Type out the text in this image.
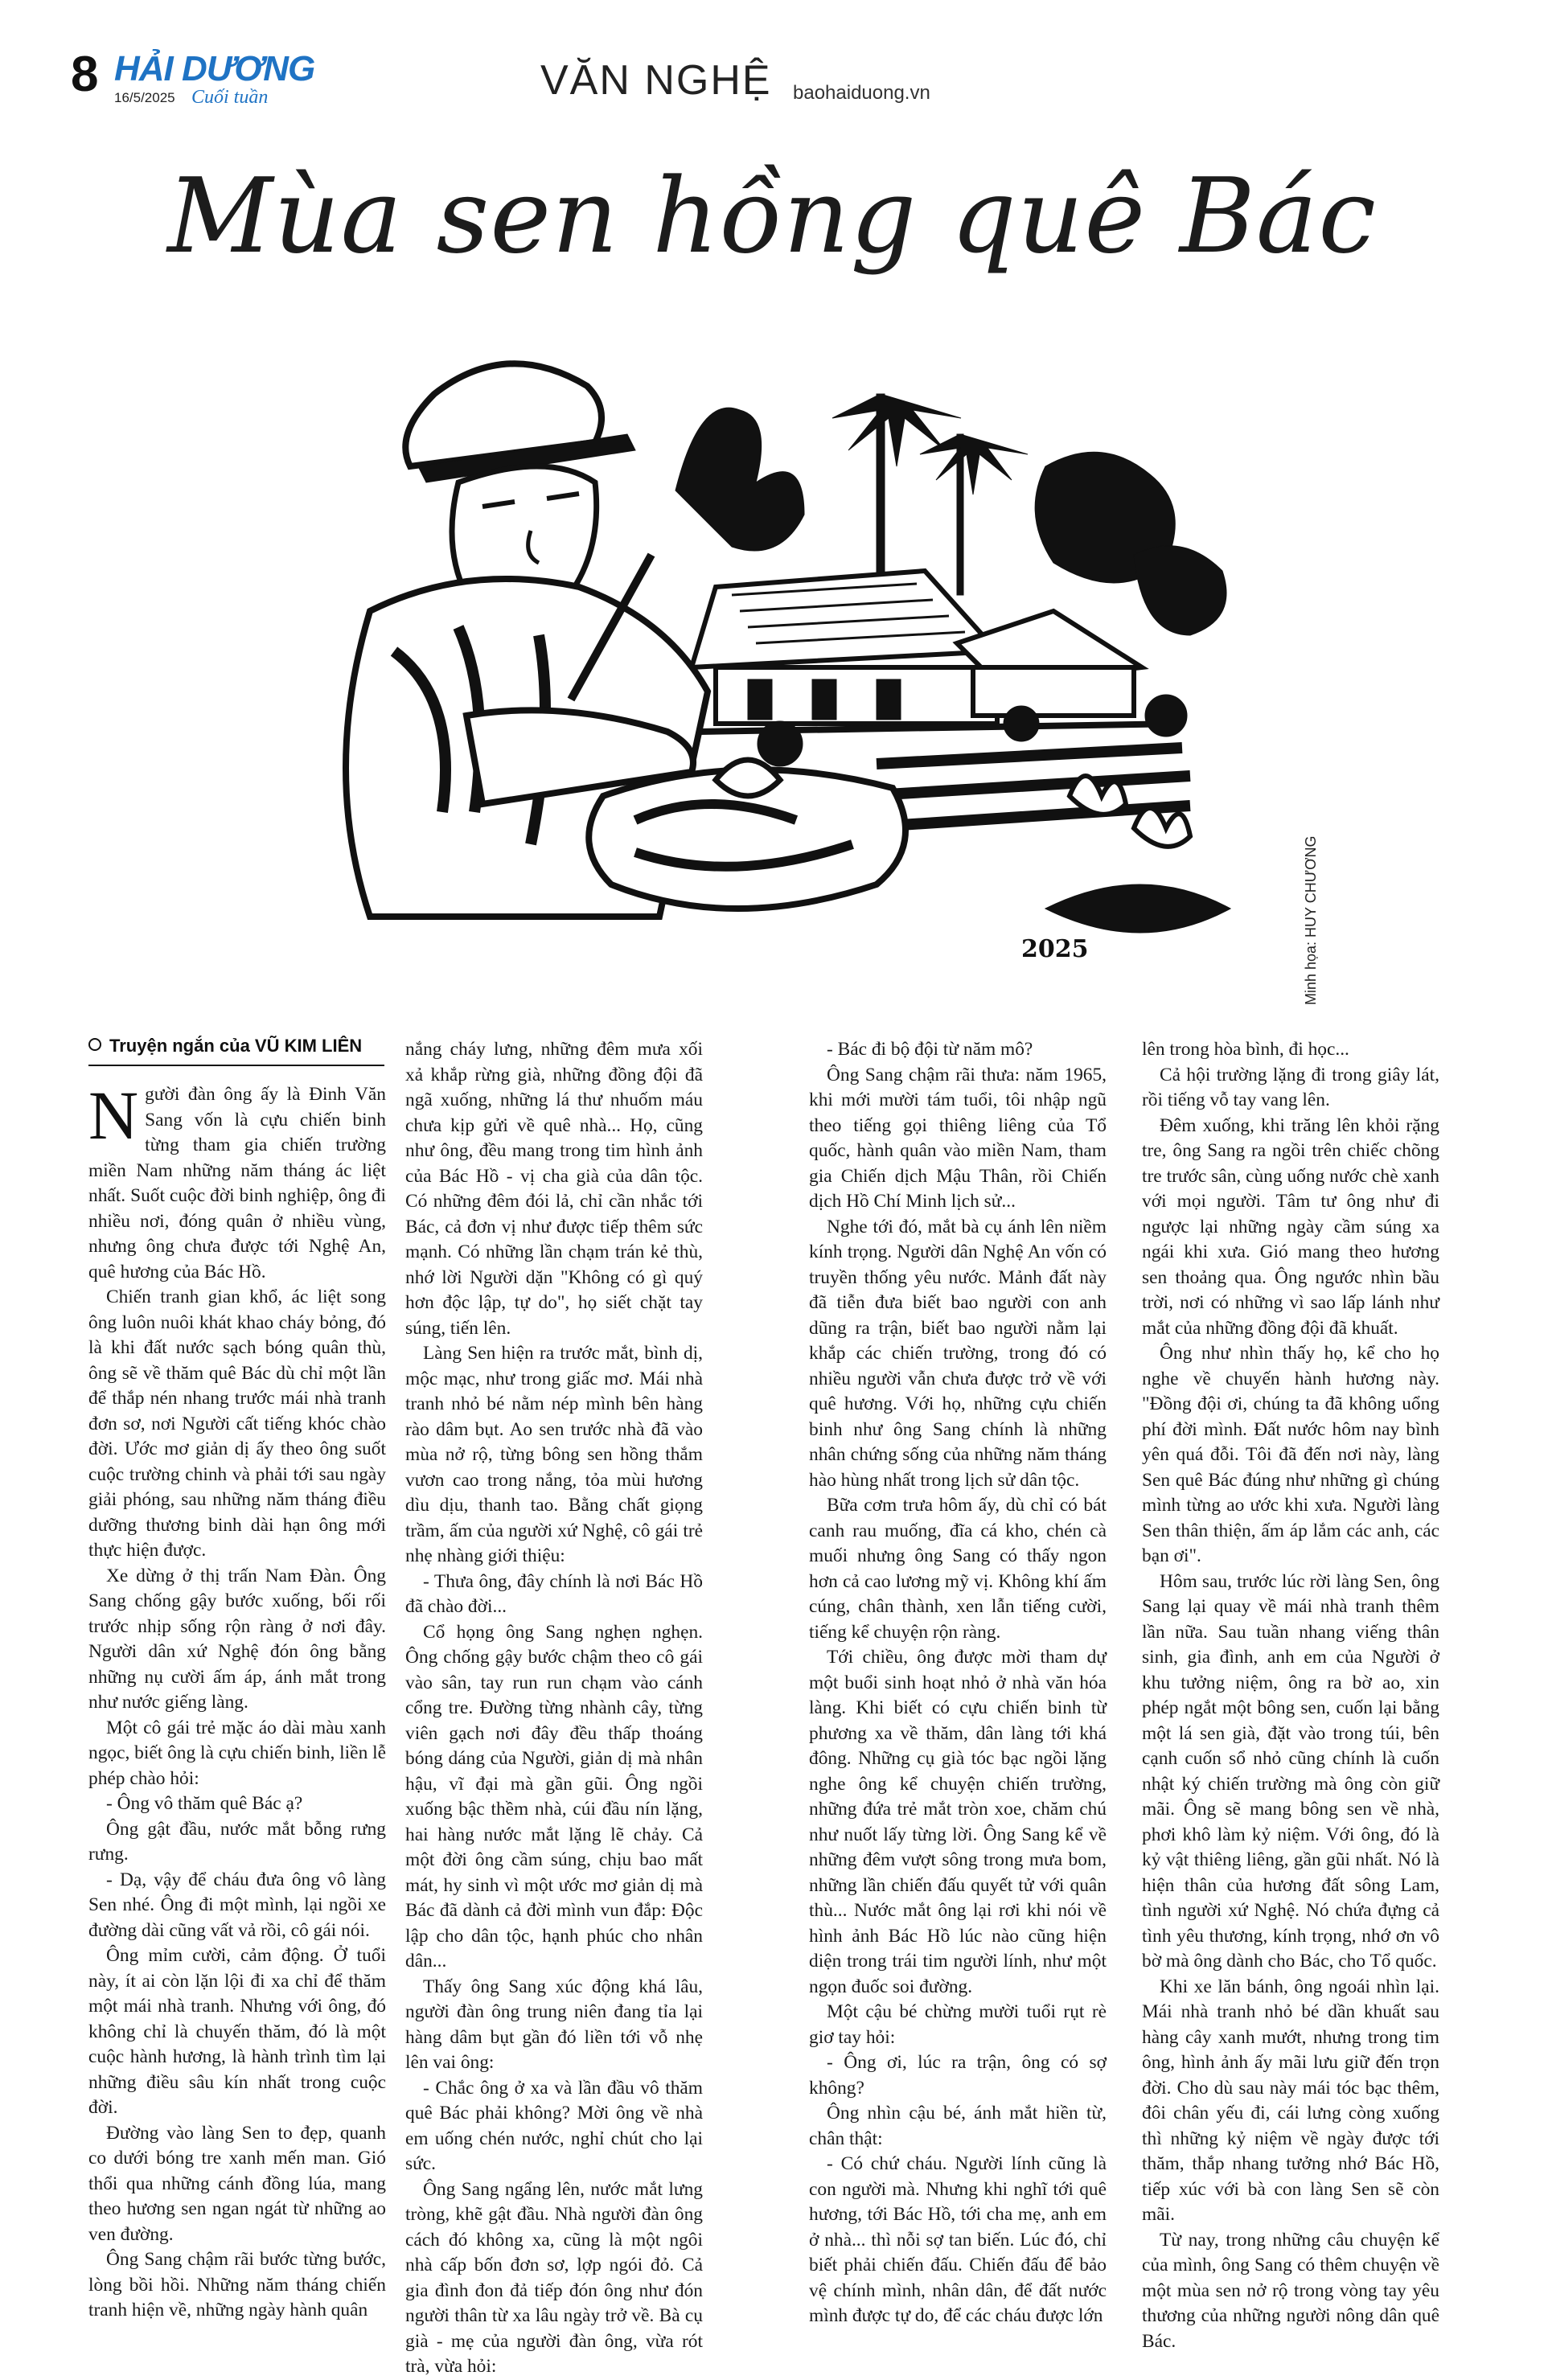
8 HẢI DƯƠNG
16/5/2025 Cuối tuần	VĂN NGHỆ baohaiduong.vn
Mùa sen hồng quê Bác
2025	Minh họa: HUY CHƯƠNG
Truyện ngắn của VŨ KIM LIÊN

Người đàn ông ấy là Đinh Văn Sang vốn là cựu chiến binh từng tham gia chiến trường miền Nam những năm tháng ác liệt nhất. Suốt cuộc đời binh nghiệp, ông đi nhiều nơi, đóng quân ở nhiều vùng, nhưng ông chưa được tới Nghệ An, quê hương của Bác Hồ.

Chiến tranh gian khổ, ác liệt song ông luôn nuôi khát khao cháy bỏng, đó là khi đất nước sạch bóng quân thù, ông sẽ về thăm quê Bác dù chỉ một lần để thắp nén nhang trước mái nhà tranh đơn sơ, nơi Người cất tiếng khóc chào đời. Ước mơ giản dị ấy theo ông suốt cuộc trường chinh và phải tới sau ngày giải phóng, sau những năm tháng điều dưỡng thương binh dài hạn ông mới thực hiện được.

Xe dừng ở thị trấn Nam Đàn. Ông Sang chống gậy bước xuống, bối rối trước nhịp sống rộn ràng ở nơi đây. Người dân xứ Nghệ đón ông bằng những nụ cười ấm áp, ánh mắt trong như nước giếng làng.

Một cô gái trẻ mặc áo dài màu xanh ngọc, biết ông là cựu chiến binh, liền lễ phép chào hỏi:

- Ông vô thăm quê Bác ạ?

Ông gật đầu, nước mắt bỗng rưng rưng.

- Dạ, vậy để cháu đưa ông vô làng Sen nhé. Ông đi một mình, lại ngồi xe đường dài cũng vất vả rồi, cô gái nói.

Ông mỉm cười, cảm động. Ở tuổi này, ít ai còn lặn lội đi xa chỉ để thăm một mái nhà tranh. Nhưng với ông, đó không chỉ là chuyến thăm, đó là một cuộc hành hương, là hành trình tìm lại những điều sâu kín nhất trong cuộc đời.

Đường vào làng Sen to đẹp, quanh co dưới bóng tre xanh mến man. Gió thổi qua những cánh đồng lúa, mang theo hương sen ngan ngát từ những ao ven đường.

Ông Sang chậm rãi bước từng bước, lòng bồi hồi. Những năm tháng chiến tranh hiện về, những ngày hành quân

nắng cháy lưng, những đêm mưa xối xả khắp rừng già, những đồng đội đã ngã xuống, những lá thư nhuốm máu chưa kịp gửi về quê nhà... Họ, cũng như ông, đều mang trong tim hình ảnh của Bác Hồ - vị cha già của dân tộc. Có những đêm đói lả, chỉ cần nhắc tới Bác, cả đơn vị như được tiếp thêm sức mạnh. Có những lần chạm trán kẻ thù, nhớ lời Người dặn "Không có gì quý hơn độc lập, tự do", họ siết chặt tay súng, tiến lên.

Làng Sen hiện ra trước mắt, bình dị, mộc mạc, như trong giấc mơ. Mái nhà tranh nhỏ bé nằm nép mình bên hàng rào dâm bụt. Ao sen trước nhà đã vào mùa nở rộ, từng bông sen hồng thắm vươn cao trong nắng, tỏa mùi hương dìu dịu, thanh tao. Bằng chất giọng trầm, ấm của người xứ Nghệ, cô gái trẻ nhẹ nhàng giới thiệu:

- Thưa ông, đây chính là nơi Bác Hồ đã chào đời...

Cổ họng ông Sang nghẹn nghẹn. Ông chống gậy bước chậm theo cô gái vào sân, tay run run chạm vào cánh cổng tre. Đường từng nhành cây, từng viên gạch nơi đây đều thấp thoáng bóng dáng của Người, giản dị mà nhân hậu, vĩ đại mà gần gũi. Ông ngồi xuống bậc thềm nhà, cúi đầu nín lặng, hai hàng nước mắt lặng lẽ chảy. Cả một đời ông cầm súng, chịu bao mất mát, hy sinh vì một ước mơ giản dị mà Bác đã dành cả đời mình vun đắp: Độc lập cho dân tộc, hạnh phúc cho nhân dân...

Thấy ông Sang xúc động khá lâu, người đàn ông trung niên đang tỉa lại hàng dâm bụt gần đó liền tới vỗ nhẹ lên vai ông:

- Chắc ông ở xa và lần đầu vô thăm quê Bác phải không? Mời ông về nhà em uống chén nước, nghỉ chút cho lại sức.

Ông Sang ngẩng lên, nước mắt lưng tròng, khẽ gật đầu. Nhà người đàn ông cách đó không xa, cũng là một ngôi nhà cấp bốn đơn sơ, lợp ngói đỏ. Cả gia đình đon đả tiếp đón ông như đón người thân từ xa lâu ngày trở về. Bà cụ già - mẹ của người đàn ông, vừa rót trà, vừa hỏi:

- Bác đi bộ đội từ năm mô?

Ông Sang chậm rãi thưa: năm 1965, khi mới mười tám tuổi, tôi nhập ngũ theo tiếng gọi thiêng liêng của Tổ quốc, hành quân vào miền Nam, tham gia Chiến dịch Mậu Thân, rồi Chiến dịch Hồ Chí Minh lịch sử...

Nghe tới đó, mắt bà cụ ánh lên niềm kính trọng. Người dân Nghệ An vốn có truyền thống yêu nước. Mảnh đất này đã tiễn đưa biết bao người con anh dũng ra trận, biết bao người nằm lại khắp các chiến trường, trong đó có nhiều người vẫn chưa được trở về với quê hương. Với họ, những cựu chiến binh như ông Sang chính là những nhân chứng sống của những năm tháng hào hùng nhất trong lịch sử dân tộc.

Bữa cơm trưa hôm ấy, dù chỉ có bát canh rau muống, đĩa cá kho, chén cà muối nhưng ông Sang có thấy ngon hơn cả cao lương mỹ vị. Không khí ấm cúng, chân thành, xen lẫn tiếng cười, tiếng kể chuyện rộn ràng.

Tới chiều, ông được mời tham dự một buổi sinh hoạt nhỏ ở nhà văn hóa làng. Khi biết có cựu chiến binh từ phương xa về thăm, dân làng tới khá đông. Những cụ già tóc bạc ngồi lặng nghe ông kể chuyện chiến trường, những đứa trẻ mắt tròn xoe, chăm chú như nuốt lấy từng lời. Ông Sang kể về những đêm vượt sông trong mưa bom, những lần chiến đấu quyết tử với quân thù... Nước mắt ông lại rơi khi nói về hình ảnh Bác Hồ lúc nào cũng hiện diện trong trái tim người lính, như một ngọn đuốc soi đường.

Một cậu bé chừng mười tuổi rụt rè giơ tay hỏi:

- Ông ơi, lúc ra trận, ông có sợ không?

Ông nhìn cậu bé, ánh mắt hiền từ, chân thật:

- Có chứ cháu. Người lính cũng là con người mà. Nhưng khi nghĩ tới quê hương, tới Bác Hồ, tới cha mẹ, anh em ở nhà... thì nỗi sợ tan biến. Lúc đó, chỉ biết phải chiến đấu. Chiến đấu để bảo vệ chính mình, nhân dân, để đất nước mình được tự do, để các cháu được lớn

lên trong hòa bình, đi học...

Cả hội trường lặng đi trong giây lát, rồi tiếng vỗ tay vang lên.

Đêm xuống, khi trăng lên khỏi rặng tre, ông Sang ra ngồi trên chiếc chõng tre trước sân, cùng uống nước chè xanh với mọi người. Tâm tư ông như đi ngược lại những ngày cầm súng xa ngái khi xưa. Gió mang theo hương sen thoảng qua. Ông ngước nhìn bầu trời, nơi có những vì sao lấp lánh như mắt của những đồng đội đã khuất.

Ông như nhìn thấy họ, kể cho họ nghe về chuyến hành hương này. "Đồng đội ơi, chúng ta đã không uổng phí đời mình. Đất nước hôm nay bình yên quá đỗi. Tôi đã đến nơi này, làng Sen quê Bác đúng như những gì chúng mình từng ao ước khi xưa. Người làng Sen thân thiện, ấm áp lắm các anh, các bạn ơi".

Hôm sau, trước lúc rời làng Sen, ông Sang lại quay về mái nhà tranh thêm lần nữa. Sau tuần nhang viếng thân sinh, gia đình, anh em của Người ở khu tưởng niệm, ông ra bờ ao, xin phép ngắt một bông sen, cuốn lại bằng một lá sen già, đặt vào trong túi, bên cạnh cuốn sổ nhỏ cũng chính là cuốn nhật ký chiến trường mà ông còn giữ mãi. Ông sẽ mang bông sen về nhà, phơi khô làm kỷ niệm. Với ông, đó là kỷ vật thiêng liêng, gần gũi nhất. Nó là hiện thân của hương đất sông Lam, tình người xứ Nghệ. Nó chứa đựng cả tình yêu thương, kính trọng, nhớ ơn vô bờ mà ông dành cho Bác, cho Tổ quốc.

Khi xe lăn bánh, ông ngoái nhìn lại. Mái nhà tranh nhỏ bé dần khuất sau hàng cây xanh mướt, nhưng trong tim ông, hình ảnh ấy mãi lưu giữ đến trọn đời. Cho dù sau này mái tóc bạc thêm, đôi chân yếu đi, cái lưng còng xuống thì những kỷ niệm về ngày được tới thăm, thắp nhang tưởng nhớ Bác Hồ, tiếp xúc với bà con làng Sen sẽ còn mãi.

Từ nay, trong những câu chuyện kể của mình, ông Sang có thêm chuyện về một mùa sen nở rộ trong vòng tay yêu thương của những người nông dân quê Bác.
